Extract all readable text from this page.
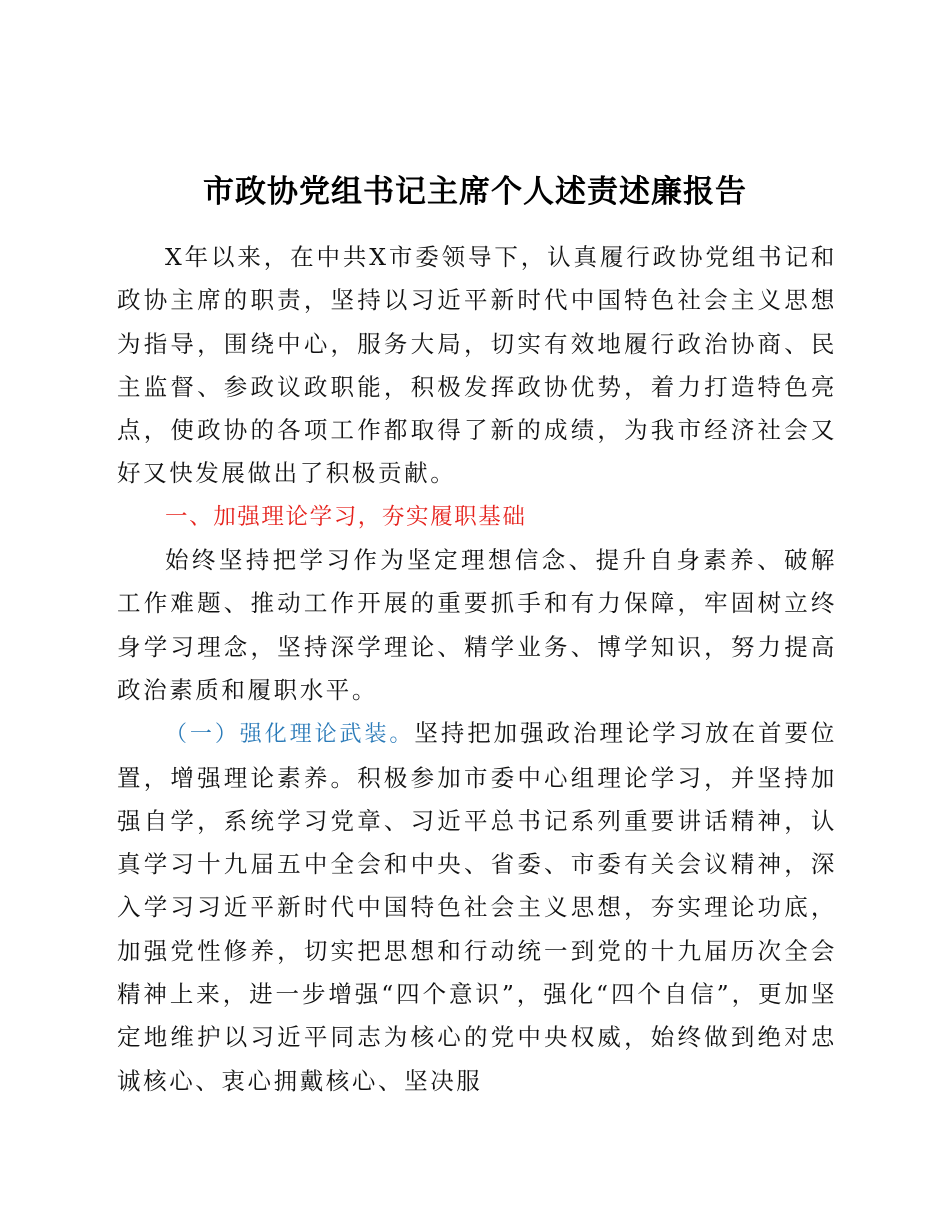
市政协党组书记主席个人述责述廉报告

X年以来，在中共X市委领导下，认真履行政协党组书记和政协主席的职责，坚持以习近平新时代中国特色社会主义思想为指导，围绕中心，服务大局，切实有效地履行政治协商、民主监督、参政议政职能，积极发挥政协优势，着力打造特色亮点，使政协的各项工作都取得了新的成绩，为我市经济社会又好又快发展做出了积极贡献。

一、加强理论学习，夯实履职基础

始终坚持把学习作为坚定理想信念、提升自身素养、破解工作难题、推动工作开展的重要抓手和有力保障，牢固树立终身学习理念，坚持深学理论、精学业务、博学知识，努力提高政治素质和履职水平。

（一）强化理论武装。坚持把加强政治理论学习放在首要位置，增强理论素养。积极参加市委中心组理论学习，并坚持加强自学，系统学习党章、习近平总书记系列重要讲话精神，认真学习十九届五中全会和中央、省委、市委有关会议精神，深入学习习近平新时代中国特色社会主义思想，夯实理论功底，加强党性修养，切实把思想和行动统一到党的十九届历次全会精神上来，进一步增强“四个意识”，强化“四个自信”，更加坚定地维护以习近平同志为核心的党中央权威，始终做到绝对忠诚核心、衷心拥戴核心、坚决服
